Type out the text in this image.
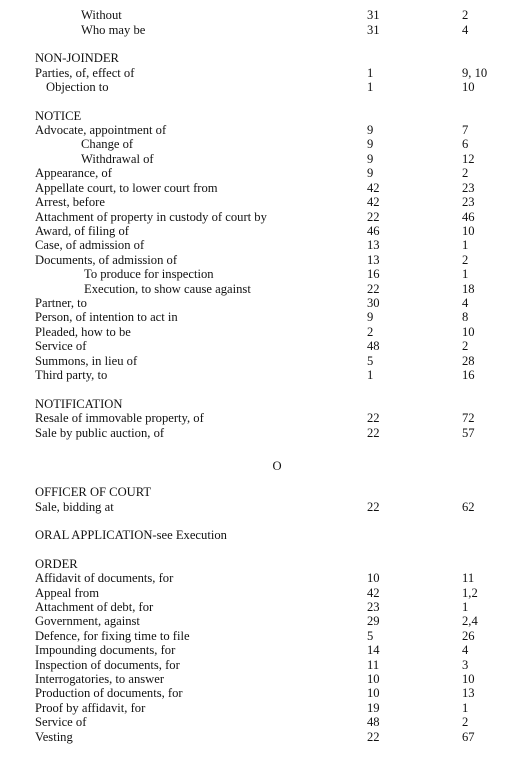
Without	31	2
Who may be	31	4
NON-JOINDER
Parties, of, effect of	1	9, 10
Objection to	1	10
NOTICE
Advocate, appointment of	9	7
Change of	9	6
Withdrawal of	9	12
Appearance, of	9	2
Appellate court, to lower court from	42	23
Arrest, before	42	23
Attachment of property in custody of court by	22	46
Award, of filing of	46	10
Case, of admission of	13	1
Documents, of admission of	13	2
To produce for inspection	16	1
Execution, to show cause against	22	18
Partner, to	30	4
Person, of intention to act in	9	8
Pleaded, how to be	2	10
Service of	48	2
Summons, in lieu of	5	28
Third party, to	1	16
NOTIFICATION
Resale of immovable property, of	22	72
Sale by public auction, of	22	57
O
OFFICER OF COURT
Sale, bidding at	22	62
ORAL APPLICATION-see Execution
ORDER
Affidavit of documents, for	10	11
Appeal from	42	1,2
Attachment of debt, for	23	1
Government, against	29	2,4
Defence, for fixing time to file	5	26
Impounding documents, for	14	4
Inspection of documents, for	11	3
Interrogatories, to answer	10	10
Production of documents, for	10	13
Proof by affidavit, for	19	1
Service of	48	2
Vesting	22	67
